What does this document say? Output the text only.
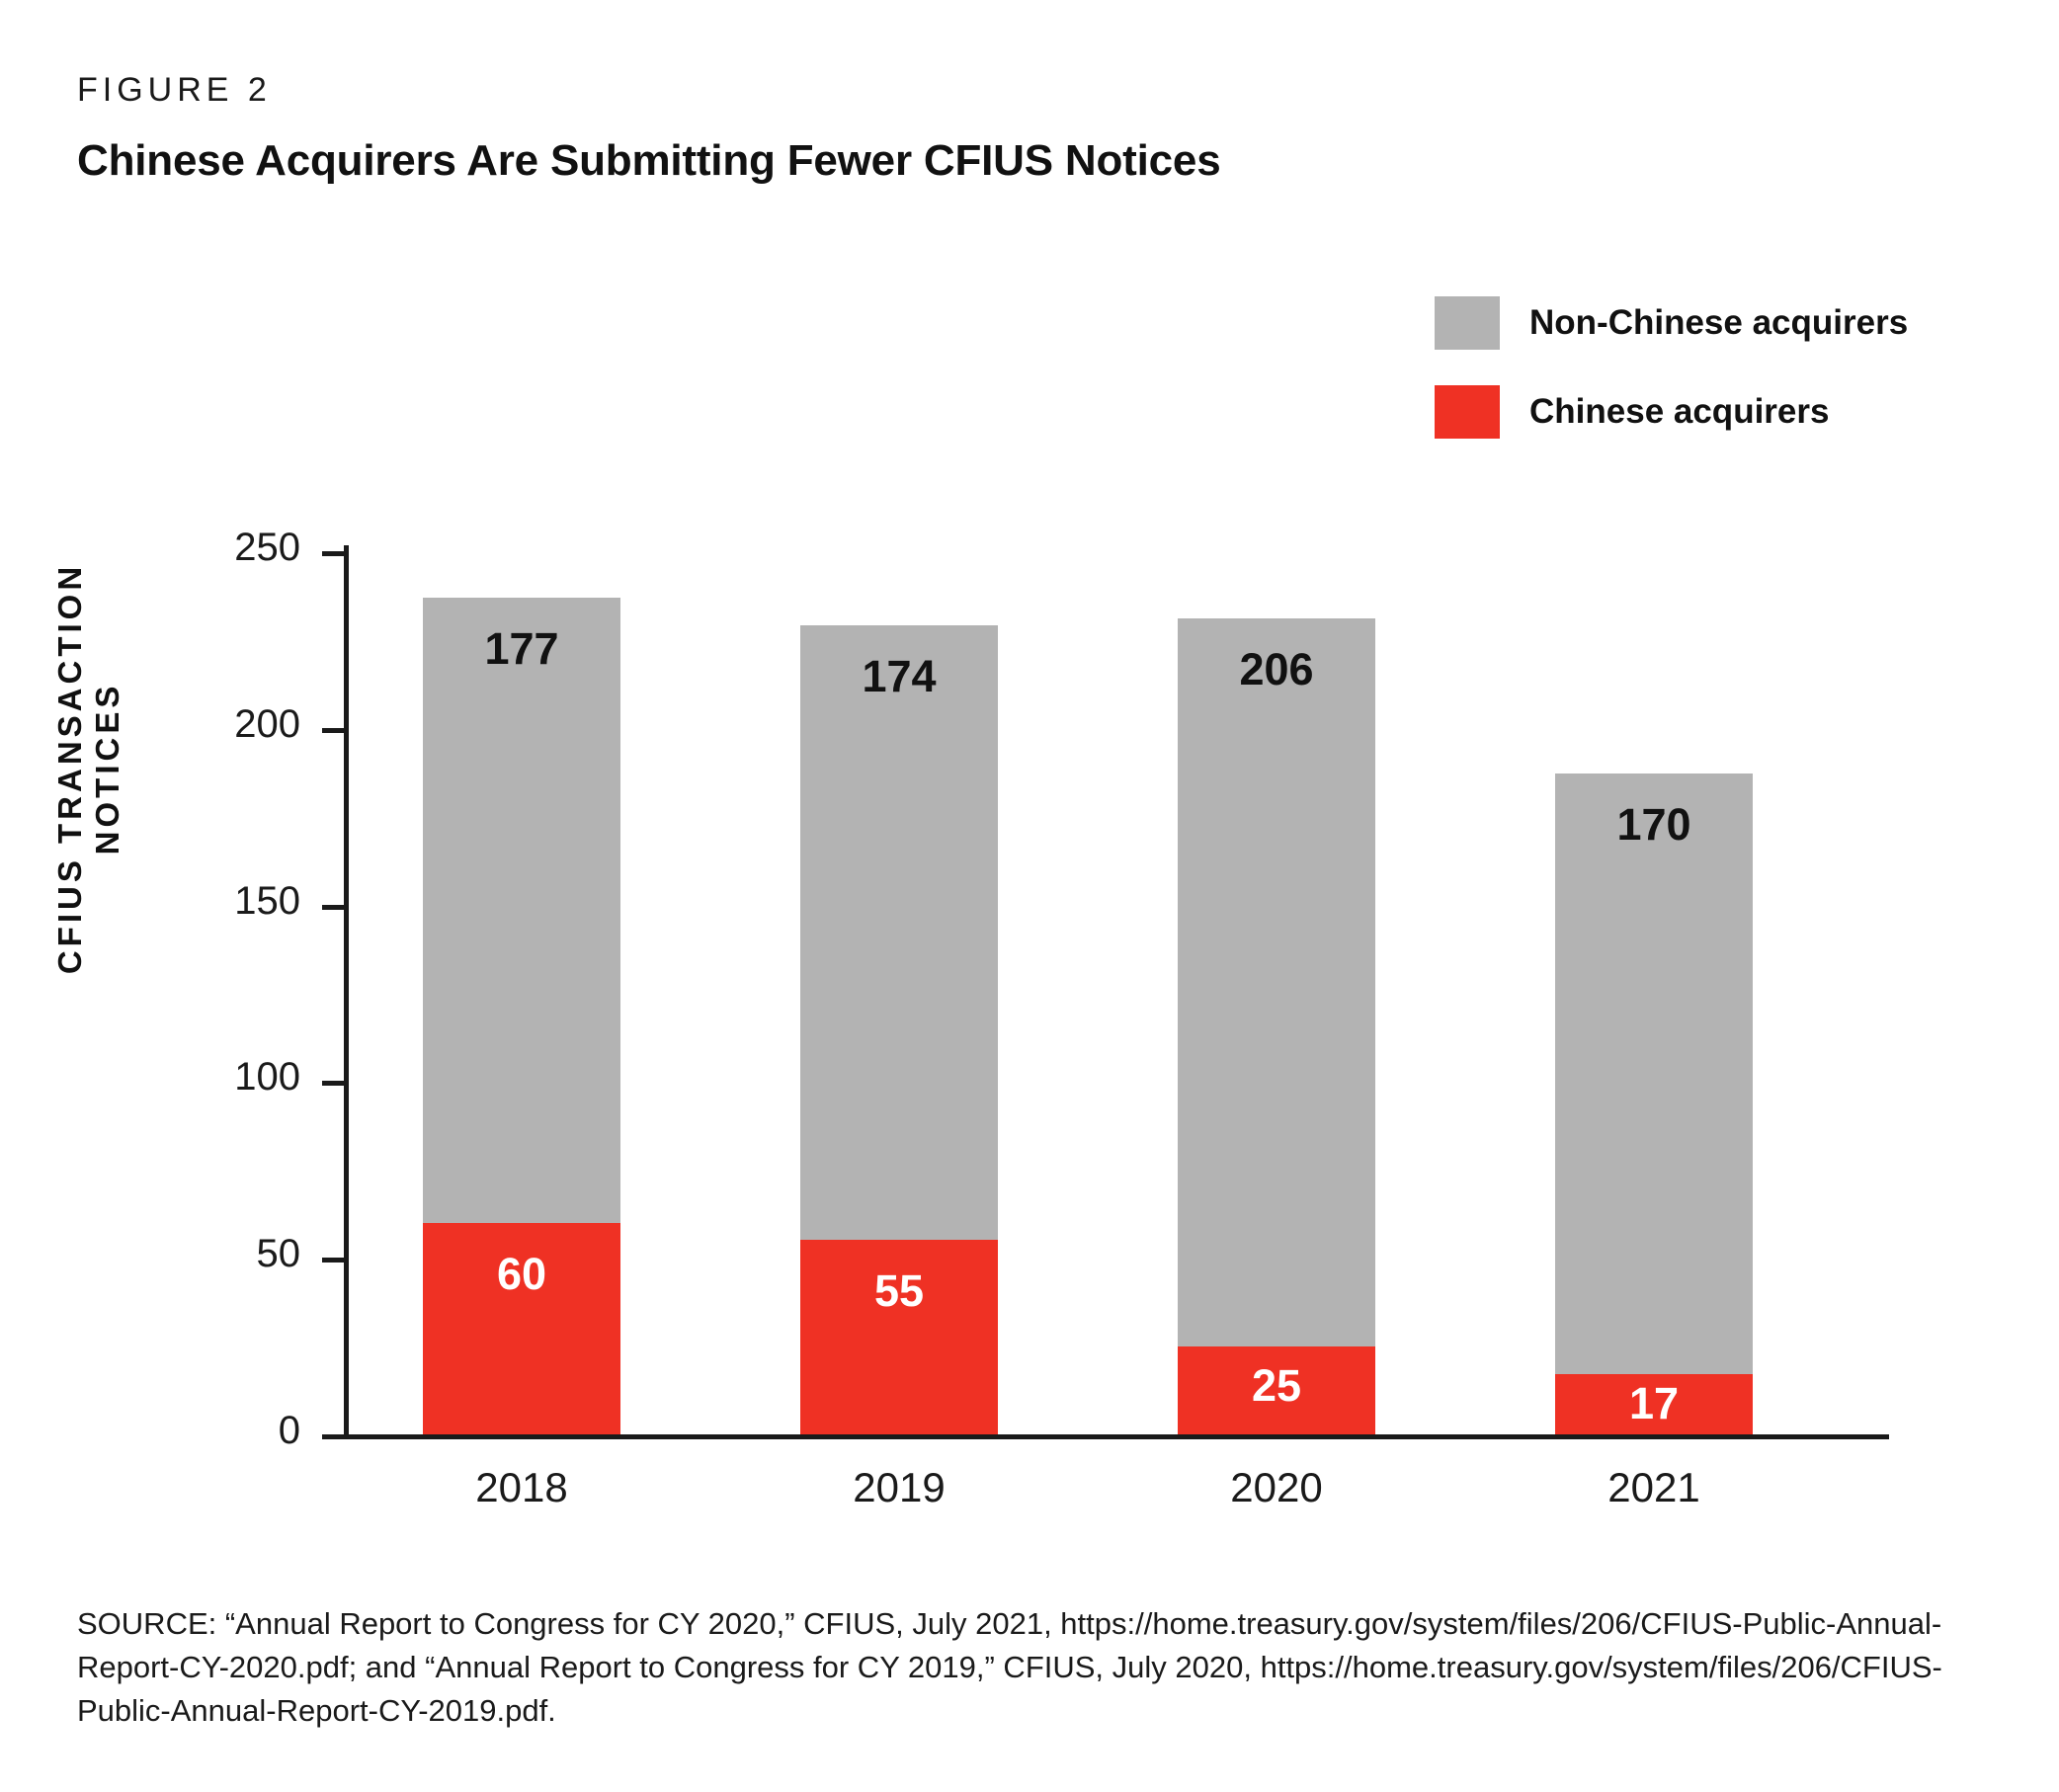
FIGURE 2
Chinese Acquirers Are Submitting Fewer CFIUS Notices
Non-Chinese acquirers
Chinese acquirers
CFIUS TRANSACTION NOTICES
0
50
100
150
200
250
177
60
2018
174
55
2019
206
25
2020
170
17
2021
SOURCE: “Annual Report to Congress for CY 2020,” CFIUS, July 2021, https://home.treasury.gov/system/files/206/CFIUS-Public-Annual-Report-CY-2020.pdf; and “Annual Report to Congress for CY 2019,” CFIUS, July 2020, https://home.treasury.gov/system/files/206/CFIUS-Public-Annual-Report-CY-2019.pdf.
